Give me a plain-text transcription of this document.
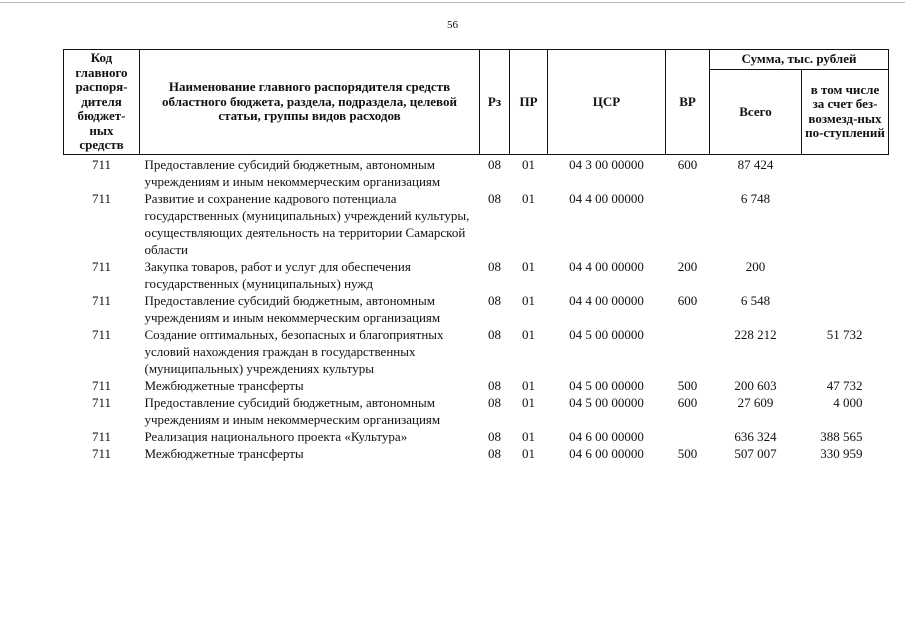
56
Код главного распоря-дителя бюджет-ных средств	Наименование главного распорядителя средств областного бюджета, раздела, подраздела, целевой статьи, группы видов расходов	Рз	ПР	ЦСР	ВР	Сумма, тыс. рублей	
						Всего	в том числе за счет без-возмезд-ных по-ступлений
711	Предоставление субсидий бюджетным, автономным учреждениям и иным некоммерческим организациям	08	01	04 3 00 00000	600	87 424	
711	Развитие и сохранение кадрового потенциала государственных (муниципальных) учреждений культуры, осуществляющих деятельность на территории Самарской области	08	01	04 4 00 00000		6 748	
711	Закупка товаров, работ и услуг для обеспечения государственных (муниципальных) нужд	08	01	04 4 00 00000	200	200	
711	Предоставление субсидий бюджетным, автономным учреждениям и иным некоммерческим организациям	08	01	04 4 00 00000	600	6 548	
711	Создание оптимальных, безопасных и благоприятных условий нахождения граждан в государственных (муниципальных) учреждениях культуры	08	01	04 5 00 00000		228 212	51 732
711	Межбюджетные трансферты	08	01	04 5 00 00000	500	200 603	47 732
711	Предоставление субсидий бюджетным, автономным учреждениям и иным некоммерческим организациям	08	01	04 5 00 00000	600	27 609	4 000
711	Реализация национального проекта «Культура»	08	01	04 6 00 00000		636 324	388 565
711	Межбюджетные трансферты	08	01	04 6 00 00000	500	507 007	330 959
